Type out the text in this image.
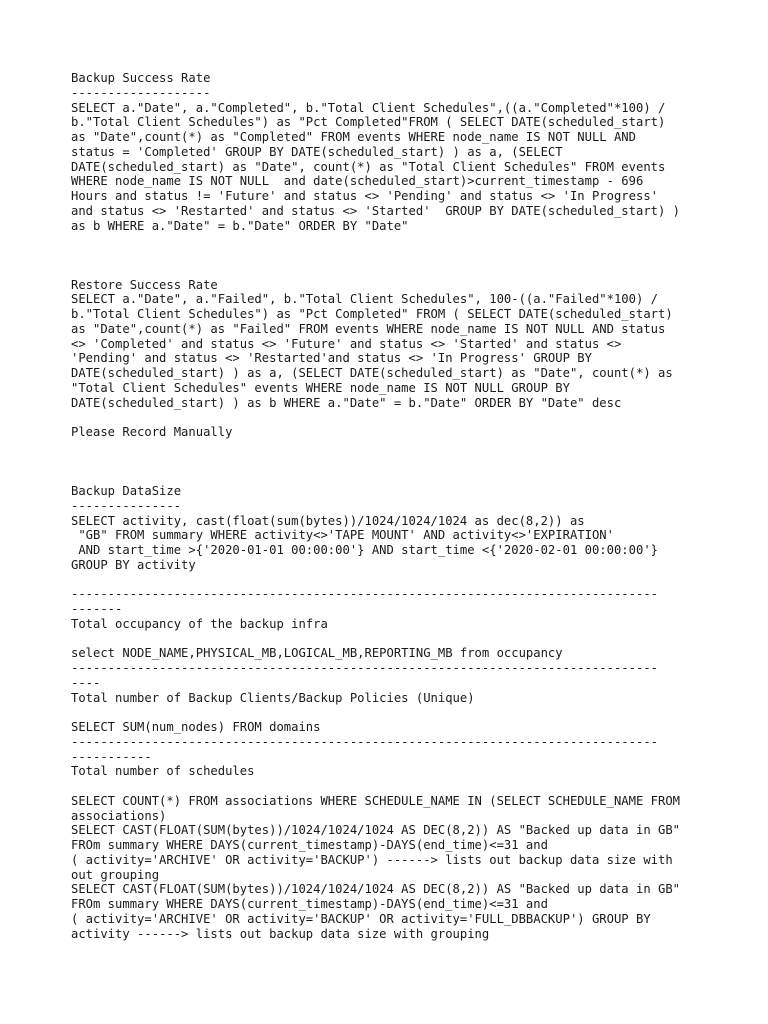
Backup Success Rate
-------------------
SELECT a."Date", a."Completed", b."Total Client Schedules",((a."Completed"*100) /
b."Total Client Schedules") as "Pct Completed"FROM ( SELECT DATE(scheduled_start)
as "Date",count(*) as "Completed" FROM events WHERE node_name IS NOT NULL AND
status = 'Completed' GROUP BY DATE(scheduled_start) ) as a, (SELECT
DATE(scheduled_start) as "Date", count(*) as "Total Client Schedules" FROM events
WHERE node_name IS NOT NULL  and date(scheduled_start)>current_timestamp - 696
Hours and status != 'Future' and status <> 'Pending' and status <> 'In Progress'
and status <> 'Restarted' and status <> 'Started'  GROUP BY DATE(scheduled_start) )
as b WHERE a."Date" = b."Date" ORDER BY "Date"
Restore Success Rate
SELECT a."Date", a."Failed", b."Total Client Schedules", 100-((a."Failed"*100) /
b."Total Client Schedules") as "Pct Completed" FROM ( SELECT DATE(scheduled_start)
as "Date",count(*) as "Failed" FROM events WHERE node_name IS NOT NULL AND status
<> 'Completed' and status <> 'Future' and status <> 'Started' and status <>
'Pending' and status <> 'Restarted'and status <> 'In Progress' GROUP BY
DATE(scheduled_start) ) as a, (SELECT DATE(scheduled_start) as "Date", count(*) as
"Total Client Schedules" events WHERE node_name IS NOT NULL GROUP BY
DATE(scheduled_start) ) as b WHERE a."Date" = b."Date" ORDER BY "Date" desc
Please Record Manually
Backup DataSize
---------------
SELECT activity, cast(float(sum(bytes))/1024/1024/1024 as dec(8,2)) as
"GB" FROM summary WHERE activity<>'TAPE MOUNT' AND activity<>'EXPIRATION'
AND start_time >{'2020-01-01 00:00:00'} AND start_time <{'2020-02-01 00:00:00'}
GROUP BY activity
--------------------------------------------------------------------------------
-------
Total occupancy of the backup infra
select NODE_NAME,PHYSICAL_MB,LOGICAL_MB,REPORTING_MB from occupancy
--------------------------------------------------------------------------------
----
Total number of Backup Clients/Backup Policies (Unique)
SELECT SUM(num_nodes) FROM domains
--------------------------------------------------------------------------------
-----------
Total number of schedules
SELECT COUNT(*) FROM associations WHERE SCHEDULE_NAME IN (SELECT SCHEDULE_NAME FROM
associations)
SELECT CAST(FLOAT(SUM(bytes))/1024/1024/1024 AS DEC(8,2)) AS "Backed up data in GB"
FROm summary WHERE DAYS(current_timestamp)-DAYS(end_time)<=31 and
( activity='ARCHIVE' OR activity='BACKUP') ------> lists out backup data size with
out grouping
SELECT CAST(FLOAT(SUM(bytes))/1024/1024/1024 AS DEC(8,2)) AS "Backed up data in GB"
FROm summary WHERE DAYS(current_timestamp)-DAYS(end_time)<=31 and
( activity='ARCHIVE' OR activity='BACKUP' OR activity='FULL_DBBACKUP') GROUP BY
activity ------> lists out backup data size with grouping
